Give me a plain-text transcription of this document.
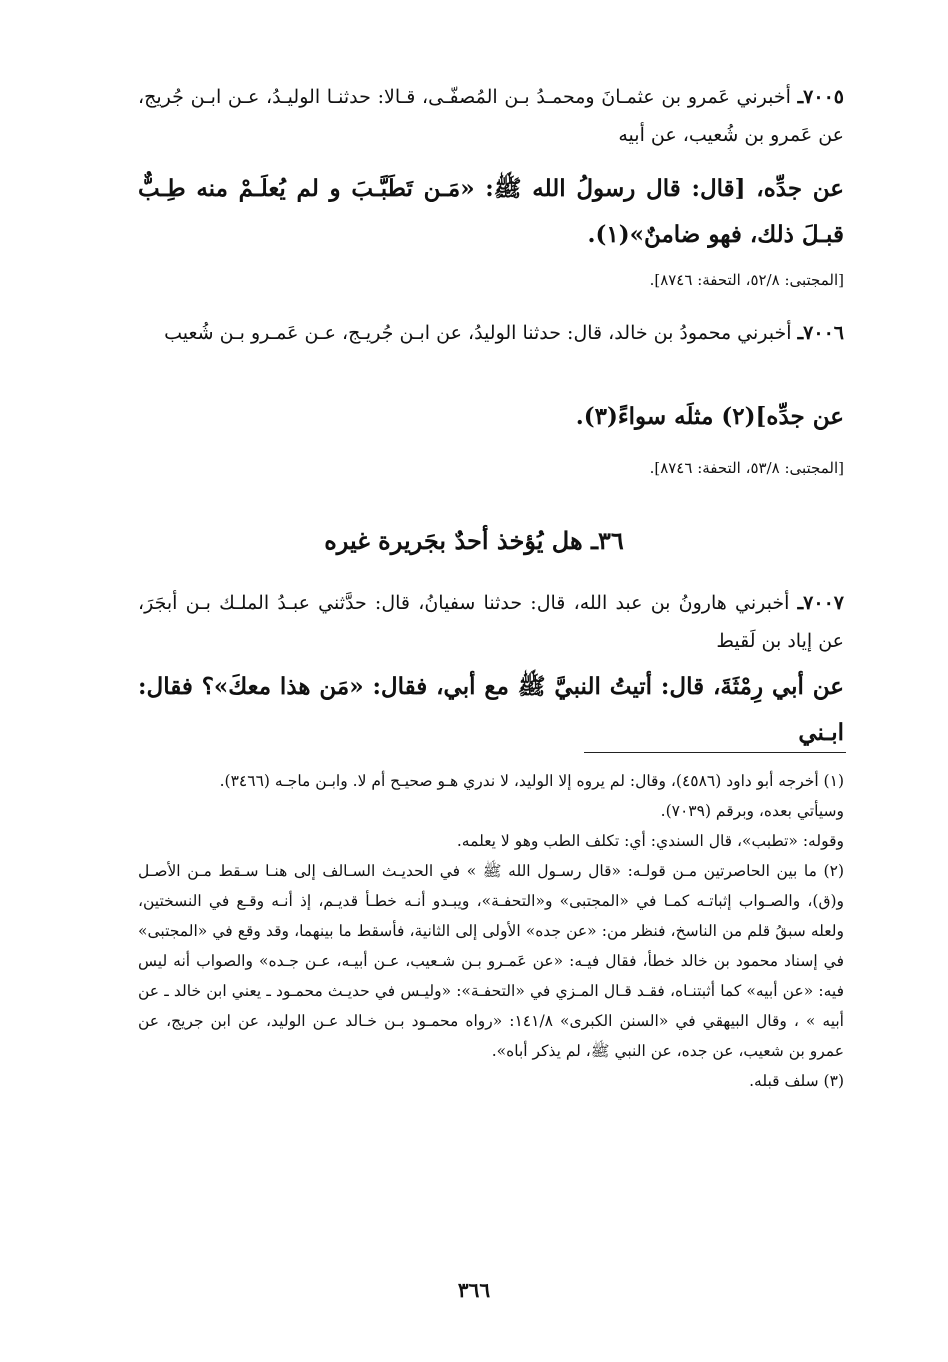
٧٠٠٥ـ أخبرني عَمرو بن عثمـانَ ومحمـدُ بـن المُصفّـى، قـالا: حدثنـا الوليـدُ، عـن ابـن جُريج، عن عَمرو بن شُعيب، عن أبيه
عن جدِّه، [قال: قال رسولُ الله ﷺ: «مَـن تَطَبَّـبَ و لم يُعلَـمْ منه طِـبٌّ قبـلَ ذلك، فهو ضامنٌ»(١).
[المجتبى: ٥٢/٨، التحفة: ٨٧٤٦].
٧٠٠٦ـ أخبرني محمودُ بن خالد، قال: حدثنا الوليدُ، عن ابـن جُريـج، عـن عَمـرو بـن شُعيب
عن جدِّه](٢) مثلَه سواءً(٣).
[المجتبى: ٥٣/٨، التحفة: ٨٧٤٦].
٣٦ـ هل يُؤخذ أحدٌ بجَريرة غيره
٧٠٠٧ـ أخبرني هارونُ بن عبد الله، قال: حدثنا سفيانُ، قال: حدَّثني عبـدُ الملـك بـن أبجَرَ، عن إياد بن لَقيط
عن أبي رِمْثَةَ، قال: أتيتُ النبيَّ ﷺ مع أبي، فقال: «مَن هذا معكَ»؟ فقال: ابـني

(١) أخرجه أبو داود (٤٥٨٦)، وقال: لم يروه إلا الوليد، لا ندري هـو صحيـح أم لا. وابـن ماجـه (٣٤٦٦).

وسيأتي بعده، وبرقم (٧٠٣٩).

وقوله: «تطبب»، قال السندي: أي: تكلف الطب وهو لا يعلمه.

(٢) ما بين الحاصرتين مـن قولـه: «قال رسـول الله ﷺ » في الحديـث السـالف إلى هنـا سـقط مـن الأصـل و(ق)، والصـواب إثباتـه كمـا في «المجتبى» و«التحفـة»، ويبـدو أنـه خطـأ قديـم، إذ أنـه وقـع في النسختين، ولعله سبقُ قلم من الناسخ، فنظر من: «عن جده» الأولى إلى الثانية، فأسقط ما بينهما، وقد وقع في «المجتبى» في إسناد محمود بن خالد خطأ، فقال فيـه: «عن عَمـرو بـن شـعيب، عـن أبيـه، عـن جـده» والصواب أنه ليس فيه: «عن أبيه» كما أثبتنـاه، فقـد قـال المـزي في «التحفـة»: «وليـس في حديـث محمـود ـ يعني ابن خالد ـ عن أبيه » ، وقال البيهقي في «السنن الكبرى» ١٤١/٨: «رواه محمـود بـن خـالد عـن الوليد، عن ابن جريج، عن عمرو بن شعيب، عن جده، عن النبي ﷺ، لم يذكر أباه».

(٣) سلف قبله.

٣٦٦
